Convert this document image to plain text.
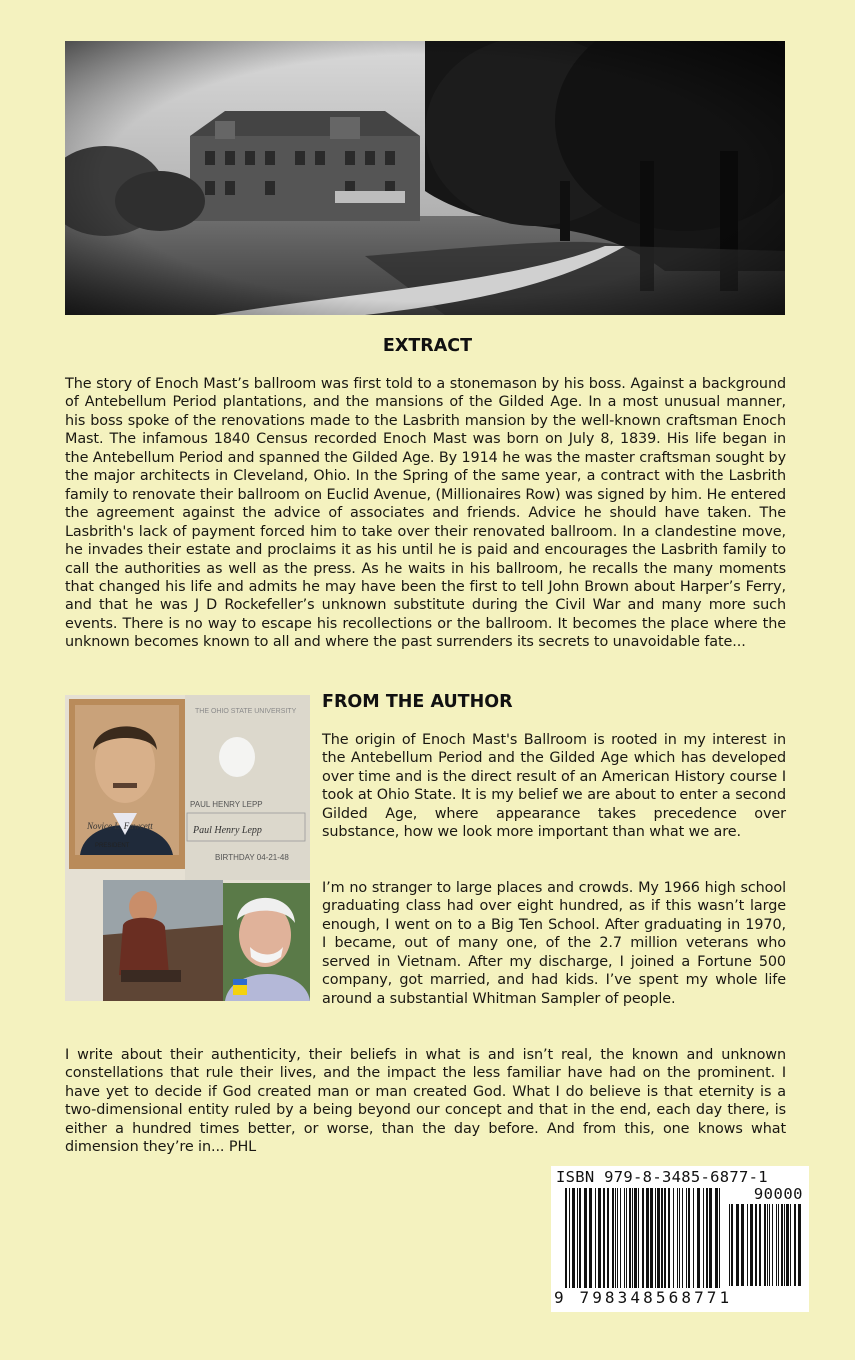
EXTRACT
The story of Enoch Mast’s ballroom was first told to a stonemason by his boss. Against a background of Antebellum Period plantations, and the mansions of the Gilded Age. In a most unusual manner, his boss spoke of the renovations made to the Lasbrith mansion by the well-known craftsman Enoch Mast. The infamous 1840 Census recorded Enoch Mast was born on July 8, 1839. His life began in the Antebellum Period and spanned the Gilded Age. By 1914 he was the master craftsman sought by the major architects in Cleveland, Ohio. In the Spring of the same year, a contract with the Lasbrith family to renovate their ballroom on Euclid Avenue, (Millionaires Row) was signed by him. He entered the agreement against the advice of associates and friends. Advice he should have taken. The Lasbrith's lack of payment forced him to take over their renovated ballroom. In a clandestine move, he invades their estate and proclaims it as his until he is paid and encourages the Lasbrith family to call the authorities as well as the press. As he waits in his ballroom, he recalls the many moments that changed his life and admits he may have been the first to tell John Brown about Harper’s Ferry, and that he was J D Rockefeller’s unknown substitute during the Civil War and many more such events. There is no way to escape his recollections or the ballroom. It becomes the place where the unknown becomes known to all and where the past surrenders its secrets to unavoidable fate...
THE OHIO STATE UNIVERSITY
PAUL HENRY LEPP
Paul Henry Lepp
Novice L. Fawcett
PRESIDENT
BIRTHDAY 04-21-48
FROM THE AUTHOR
The origin of Enoch Mast's Ballroom is rooted in my interest in the Antebellum Period and the Gilded Age which has developed over time and is the direct result of an American History course I took at Ohio State. It is my belief we are about to enter a second Gilded Age, where appearance takes precedence over substance, how we look more important than what we are.
I’m no stranger to large places and crowds. My 1966 high school graduating class had over eight hundred, as if this wasn’t large enough, I went on to a Big Ten School. After graduating in 1970, I became, out of many one, of the 2.7 million veterans who served in Vietnam. After my discharge, I joined a Fortune 500 company, got married, and had kids. I’ve spent my whole life around a substantial Whitman Sampler of people.
I write about their authenticity, their beliefs in what is and isn’t real, the known and unknown constellations that rule their lives, and the impact the less familiar have had on the prominent. I have yet to decide if God created man or man created God. What I do believe is that eternity is a two-dimensional entity ruled by a being beyond our concept and that in the end, each day there, is either a hundred times better, or worse, than the day before. And from this, one knows what dimension they’re in... PHL
ISBN 979-8-3485-6877-1
90000
9 798348568771
